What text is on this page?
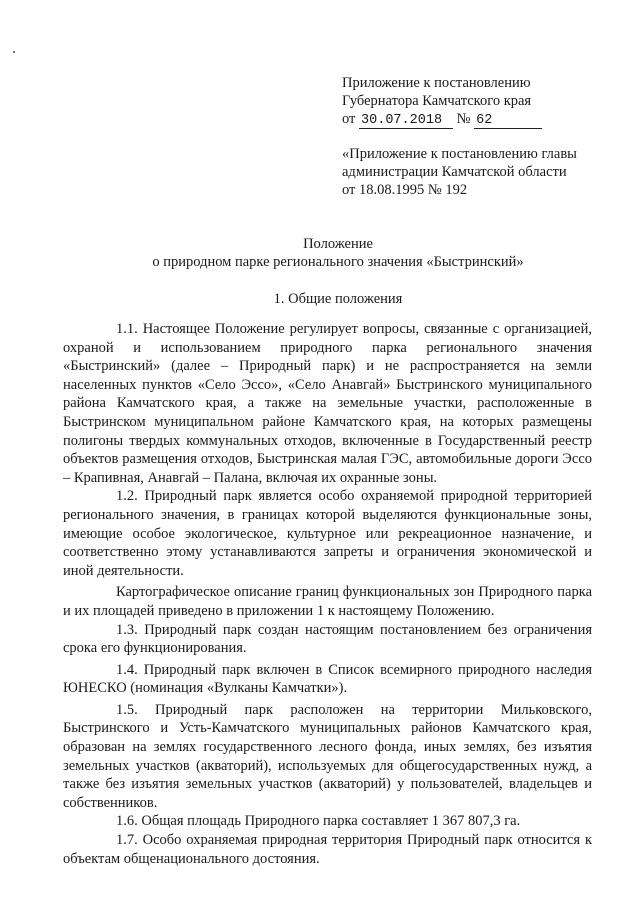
Приложение к постановлению
Губернатора Камчатского края
от 30.07.2018 № 62
«Приложение к постановлению главы
администрации Камчатской области
от 18.08.1995 № 192
Положение
о природном парке регионального значения «Быстринский»
1. Общие положения

1.1. Настоящее Положение регулирует вопросы, связанные с организацией, охраной и использованием природного парка регионального значения «Быстринский» (далее – Природный парк) и не распространяется на земли населенных пунктов «Село Эссо», «Село Анавгай» Быстринского муниципального района Камчатского края, а также на земельные участки, расположенные в Быстринском муниципальном районе Камчатского края, на которых размещены полигоны твердых коммунальных отходов, включенные в Государственный реестр объектов размещения отходов, Быстринская малая ГЭС, автомобильные дороги Эссо – Крапивная, Анавгай – Палана, включая их охранные зоны.

1.2. Природный парк является особо охраняемой природной территорией регионального значения, в границах которой выделяются функциональные зоны, имеющие особое экологическое, культурное или рекреационное назначение, и соответственно этому устанавливаются запреты и ограничения экономической и иной деятельности.

Картографическое описание границ функциональных зон Природного парка и их площадей приведено в приложении 1 к настоящему Положению.

1.3. Природный парк создан настоящим постановлением без ограничения срока его функционирования.

1.4. Природный парк включен в Список всемирного природного наследия ЮНЕСКО (номинация «Вулканы Камчатки»).

1.5. Природный парк расположен на территории Мильковского, Быстринского и Усть-Камчатского муниципальных районов Камчатского края, образован на землях государственного лесного фонда, иных землях, без изъятия земельных участков (акваторий), используемых для общегосударственных нужд, а также без изъятия земельных участков (акваторий) у пользователей, владельцев и собственников.

1.6. Общая площадь Природного парка составляет 1 367 807,3 га.

1.7. Особо охраняемая природная территория Природный парк относится к объектам общенационального достояния.
